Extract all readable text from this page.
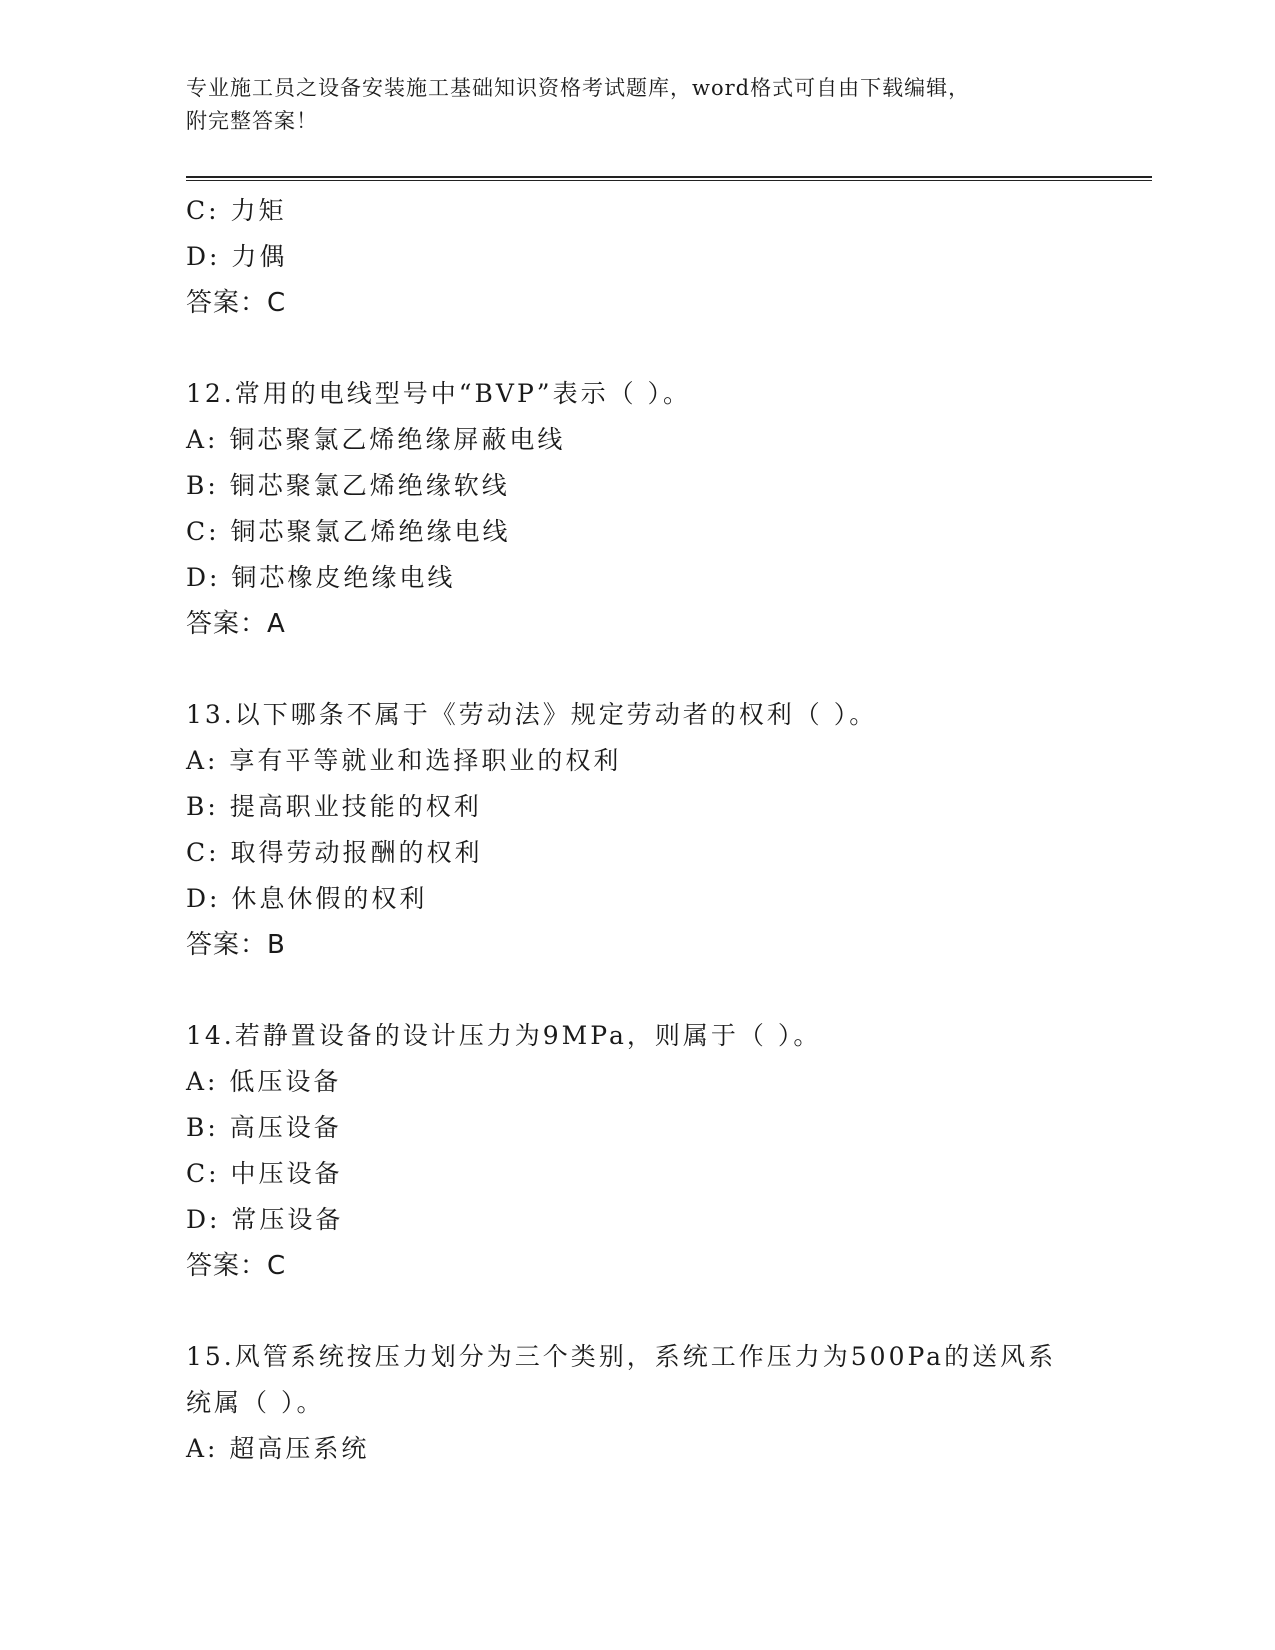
专业施工员之设备安装施工基础知识资格考试题库，word格式可自由下载编辑，
附完整答案！
C: 力矩
D: 力偶
答案：C
12.常用的电线型号中“BVP”表示（ ）。
A: 铜芯聚氯乙烯绝缘屏蔽电线
B: 铜芯聚氯乙烯绝缘软线
C: 铜芯聚氯乙烯绝缘电线
D: 铜芯橡皮绝缘电线
答案：A
13.以下哪条不属于《劳动法》规定劳动者的权利（ ）。
A: 享有平等就业和选择职业的权利
B: 提高职业技能的权利
C: 取得劳动报酬的权利
D: 休息休假的权利
答案：B
14.若静置设备的设计压力为9MPa，则属于（ ）。
A: 低压设备
B: 高压设备
C: 中压设备
D: 常压设备
答案：C
15.风管系统按压力划分为三个类别，系统工作压力为500Pa的送风系
统属（ ）。
A: 超高压系统
